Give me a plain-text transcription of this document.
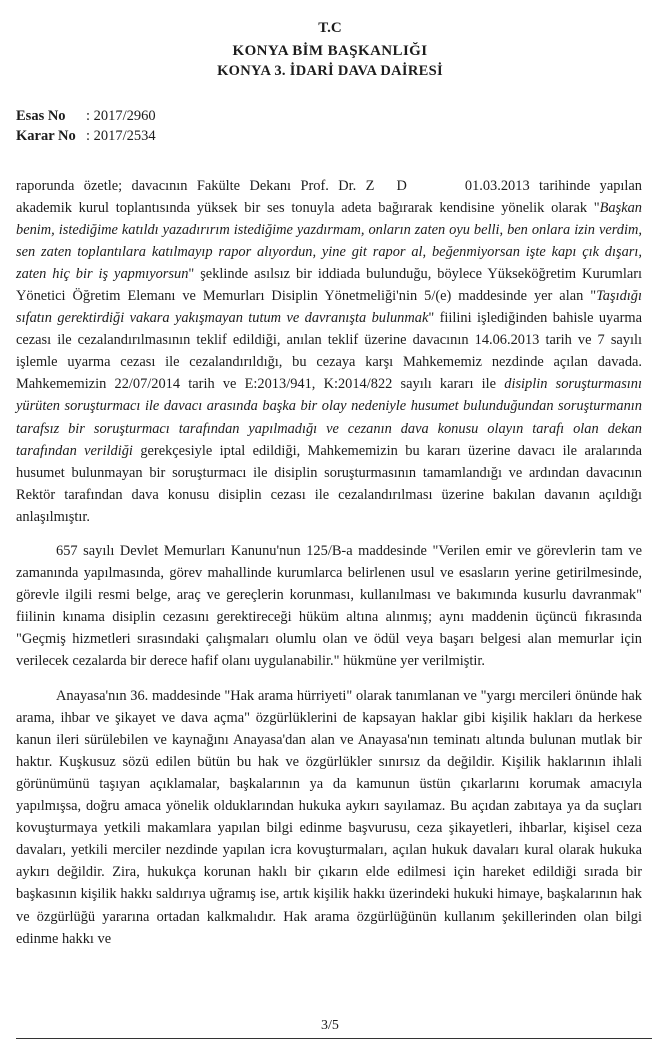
T.C
KONYA BİM BAŞKANLIĞI
KONYA 3. İDARİ DAVA DAİRESİ
Esas No : 2017/2960
Karar No : 2017/2534

raporunda özetle; davacının Fakülte Dekanı Prof. Dr. Z D	01.03.2013 tarihinde yapılan akademik kurul toplantısında yüksek bir ses tonuyla adeta bağırarak kendisine yönelik olarak "Başkan benim, istediğime katıldı yazadırırım istediğime yazdırmam, onların zaten oyu belli, ben onlara izin verdim, sen zaten toplantılara katılmayıp rapor alıyordun, yine git rapor al, beğenmiyorsan işte kapı çık dışarı, zaten hiç bir iş yapmıyorsun" şeklinde asılsız bir iddiada bulunduğu, böylece Yükseköğretim Kurumları Yönetici Öğretim Elemanı ve Memurları Disiplin Yönetmeliği'nin 5/(e) maddesinde yer alan "Taşıdığı sıfatın gerektirdiği vakara yakışmayan tutum ve davranışta bulunmak" fiilini işlediğinden bahisle uyarma cezası ile cezalandırılmasının teklif edildiği, anılan teklif üzerine davacının 14.06.2013 tarih ve 7 sayılı işlemle uyarma cezası ile cezalandırıldığı, bu cezaya karşı Mahkememiz nezdinde açılan davada. Mahkememizin 22/07/2014 tarih ve E:2013/941, K:2014/822 sayılı kararı ile disiplin soruşturmasını yürüten soruşturmacı ile davacı arasında başka bir olay nedeniyle husumet bulunduğundan soruşturmanın tarafsız bir soruşturmacı tarafından yapılmadığı ve cezanın dava konusu olayın tarafı olan dekan tarafından verildiği gerekçesiyle iptal edildiği, Mahkememizin bu kararı üzerine davacı ile aralarında husumet bulunmayan bir soruşturmacı ile disiplin soruşturmasının tamamlandığı ve ardından davacının Rektör tarafından dava konusu disiplin cezası ile cezalandırılması üzerine bakılan davanın açıldığı anlaşılmıştır.

657 sayılı Devlet Memurları Kanunu'nun 125/B-a maddesinde "Verilen emir ve görevlerin tam ve zamanında yapılmasında, görev mahallinde kurumlarca belirlenen usul ve esasların yerine getirilmesinde, görevle ilgili resmi belge, araç ve gereçlerin korunması, kullanılması ve bakımında kusurlu davranmak" fiilinin kınama disiplin cezasını gerektireceği hüküm altına alınmış; aynı maddenin üçüncü fıkrasında "Geçmiş hizmetleri sırasındaki çalışmaları olumlu olan ve ödül veya başarı belgesi alan memurlar için verilecek cezalarda bir derece hafif olanı uygulanabilir." hükmüne yer verilmiştir.

Anayasa'nın 36. maddesinde "Hak arama hürriyeti" olarak tanımlanan ve "yargı mercileri önünde hak arama, ihbar ve şikayet ve dava açma" özgürlüklerini de kapsayan haklar gibi kişilik hakları da herkese kanun ileri sürülebilen ve kaynağını Anayasa'dan alan ve Anayasa'nın teminatı altında bulunan mutlak bir haktır. Kuşkusuz sözü edilen bütün bu hak ve özgürlükler sınırsız da değildir. Kişilik haklarının ihlali görünümünü taşıyan açıklamalar, başkalarının ya da kamunun üstün çıkarlarını korumak amacıyla yapılmışsa, doğru amaca yönelik olduklarından hukuka aykırı sayılamaz. Bu açıdan zabıtaya ya da suçları kovuşturmaya yetkili makamlara yapılan bilgi edinme başvurusu, ceza şikayetleri, ihbarlar, kişisel ceza davaları, yetkili merciler nezdinde yapılan icra kovuşturmaları, açılan hukuk davaları kural olarak hukuka aykırı değildir. Zira, hukukça korunan haklı bir çıkarın elde edilmesi için hareket edildiği sırada bir başkasının kişilik hakkı saldırıya uğramış ise, artık kişilik hakkı üzerindeki hukuki himaye, başkalarının hak ve özgürlüğü yararına ortadan kalkmalıdır. Hak arama özgürlüğünün kullanım şekillerinden olan bilgi edinme hakkı ve

3/5
